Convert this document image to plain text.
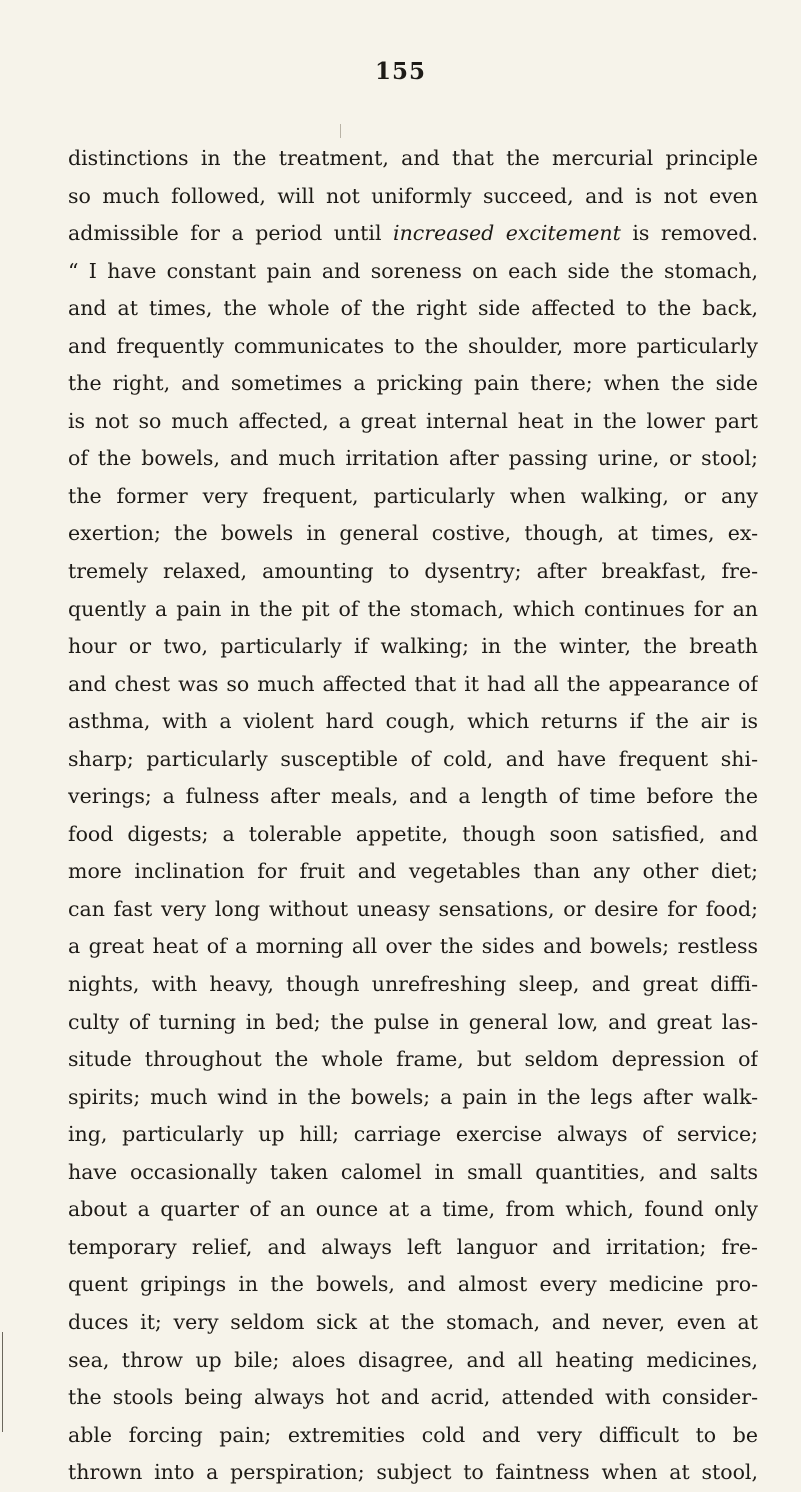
155
distinctions in the treatment, and that the mercurial principle
so much followed, will not uniformly succeed, and is not even
admissible for a period until increased excitement is removed.
“ I have constant pain and soreness on each side the stomach,
and at times, the whole of the right side affected to the back,
and frequently communicates to the shoulder, more particularly
the right, and sometimes a pricking pain there; when the side
is not so much affected, a great internal heat in the lower part
of the bowels, and much irritation after passing urine, or stool;
the former very frequent, particularly when walking, or any
exertion; the bowels in general costive, though, at times, ex-
tremely relaxed, amounting to dysentry; after breakfast, fre-
quently a pain in the pit of the stomach, which continues for an
hour or two, particularly if walking; in the winter, the breath
and chest was so much affected that it had all the appearance of
asthma, with a violent hard cough, which returns if the air is
sharp; particularly susceptible of cold, and have frequent shi-
verings; a fulness after meals, and a length of time before the
food digests; a tolerable appetite, though soon satisfied, and
more inclination for fruit and vegetables than any other diet;
can fast very long without uneasy sensations, or desire for food;
a great heat of a morning all over the sides and bowels; restless
nights, with heavy, though unrefreshing sleep, and great diffi-
culty of turning in bed; the pulse in general low, and great las-
situde throughout the whole frame, but seldom depression of
spirits; much wind in the bowels; a pain in the legs after walk-
ing, particularly up hill; carriage exercise always of service;
have occasionally taken calomel in small quantities, and salts
about a quarter of an ounce at a time, from which, found only
temporary relief, and always left languor and irritation; fre-
quent gripings in the bowels, and almost every medicine pro-
duces it; very seldom sick at the stomach, and never, even at
sea, throw up bile; aloes disagree, and all heating medicines,
the stools being always hot and acrid, attended with consider-
able forcing pain; extremities cold and very difficult to be
thrown into a perspiration; subject to faintness when at stool,
